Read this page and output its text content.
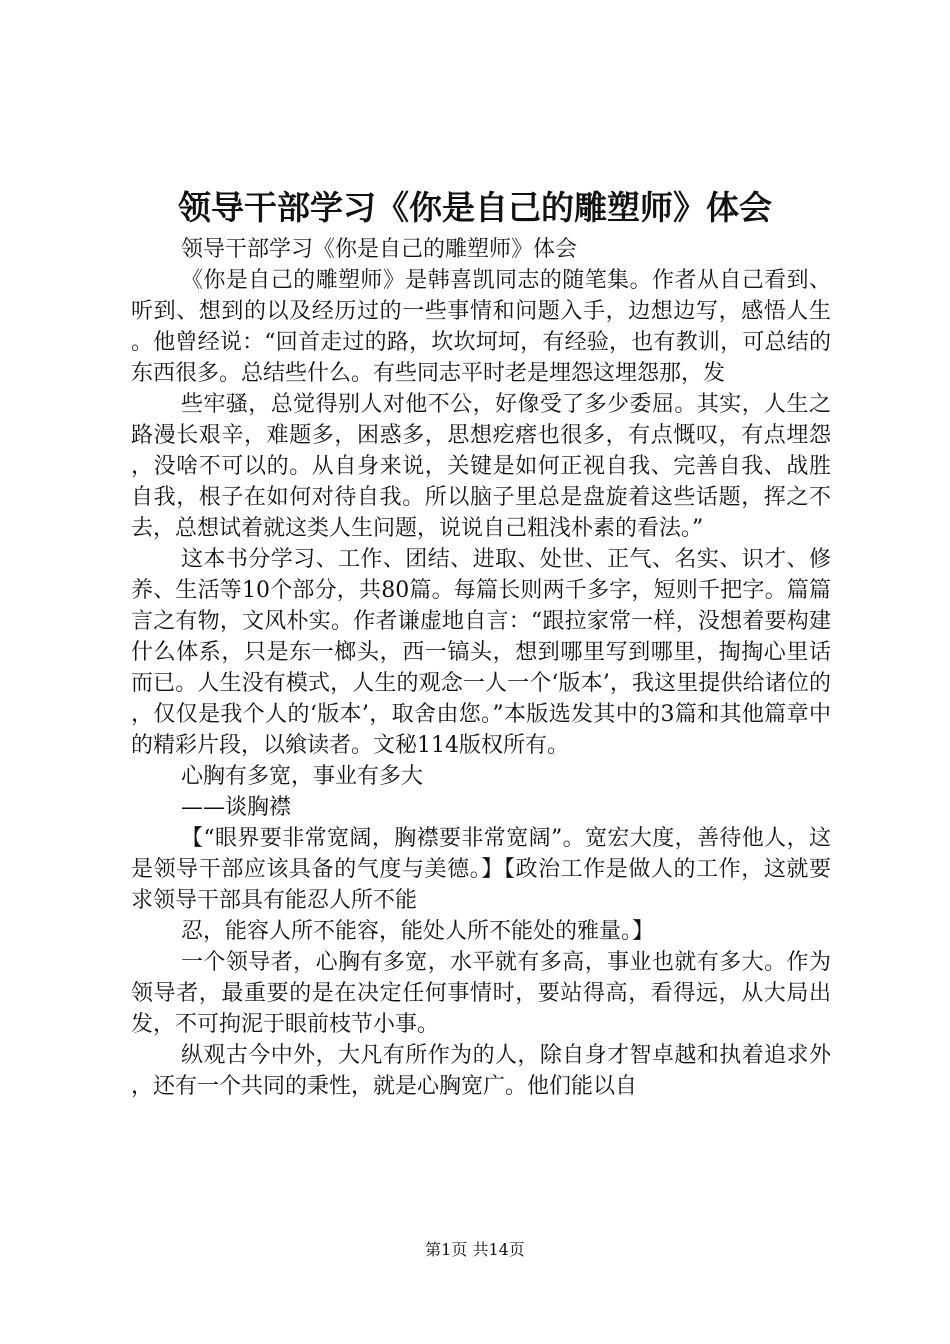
领导干部学习《你是自己的雕塑师》体会

领导干部学习《你是自己的雕塑师》体会

《你是自己的雕塑师》是韩喜凯同志的随笔集。作者从自己看到、听到、想到的以及经历过的一些事情和问题入手，边想边写，感悟人生。他曾经说：“回首走过的路，坎坎坷坷，有经验，也有教训，可总结的东西很多。总结些什么。有些同志平时老是埋怨这埋怨那，发

些牢骚，总觉得别人对他不公，好像受了多少委屈。其实，人生之路漫长艰辛，难题多，困惑多，思想疙瘩也很多，有点慨叹，有点埋怨，没啥不可以的。从自身来说，关键是如何正视自我、完善自我、战胜自我，根子在如何对待自我。所以脑子里总是盘旋着这些话题，挥之不去，总想试着就这类人生问题，说说自己粗浅朴素的看法。”

这本书分学习、工作、团结、进取、处世、正气、名实、识才、修养、生活等10个部分，共80篇。每篇长则两千多字，短则千把字。篇篇言之有物，文风朴实。作者谦虚地自言：“跟拉家常一样，没想着要构建什么体系，只是东一榔头，西一镐头，想到哪里写到哪里，掏掏心里话而已。人生没有模式，人生的观念一人一个‘版本’，我这里提供给诸位的，仅仅是我个人的‘版本’，取舍由您。”本版选发其中的3篇和其他篇章中的精彩片段，以飨读者。文秘114版权所有。

心胸有多宽，事业有多大

——谈胸襟

【“眼界要非常宽阔，胸襟要非常宽阔”。宽宏大度，善待他人，这是领导干部应该具备的气度与美德。】【政治工作是做人的工作，这就要求领导干部具有能忍人所不能

忍，能容人所不能容，能处人所不能处的雅量。】

一个领导者，心胸有多宽，水平就有多高，事业也就有多大。作为领导者，最重要的是在决定任何事情时，要站得高，看得远，从大局出发，不可拘泥于眼前枝节小事。

纵观古今中外，大凡有所作为的人，除自身才智卓越和执着追求外，还有一个共同的秉性，就是心胸宽广。他们能以自

第1页 共14页
